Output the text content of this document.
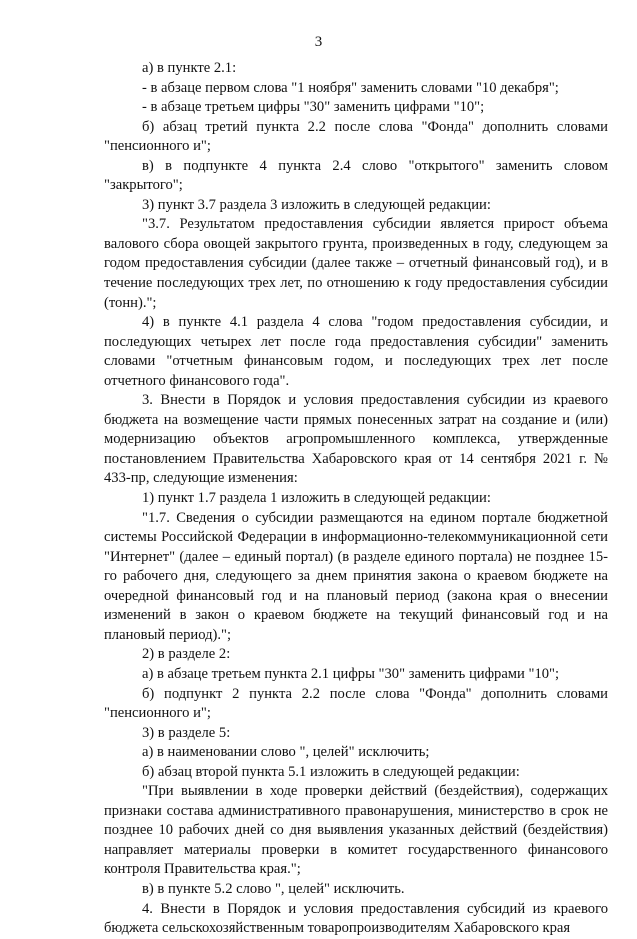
3

а) в пункте 2.1:

- в абзаце первом слова "1 ноября" заменить словами "10 декабря";

- в абзаце третьем цифры "30" заменить цифрами "10";

б) абзац третий пункта 2.2 после слова "Фонда" дополнить словами "пенсионного и";

в) в подпункте 4 пункта 2.4 слово "открытого" заменить словом "закрытого";

3) пункт 3.7 раздела 3 изложить в следующей редакции:

"3.7. Результатом предоставления субсидии является прирост объема валового сбора овощей закрытого грунта, произведенных в году, следующем за годом предоставления субсидии (далее также – отчетный финансовый год), и в течение последующих трех лет, по отношению к году предоставления субсидии (тонн).";

4) в пункте 4.1 раздела 4 слова "годом предоставления субсидии, и последующих четырех лет после года предоставления субсидии" заменить словами "отчетным финансовым годом, и последующих трех лет после отчетного финансового года".

3. Внести в Порядок и условия предоставления субсидии из краевого бюджета на возмещение части прямых понесенных затрат на создание и (или) модернизацию объектов агропромышленного комплекса, утвержденные постановлением Правительства Хабаровского края от 14 сентября 2021 г. № 433-пр, следующие изменения:

1) пункт 1.7 раздела 1 изложить в следующей редакции:

"1.7. Сведения о субсидии размещаются на едином портале бюджетной системы Российской Федерации в информационно-телекоммуникационной сети "Интернет" (далее – единый портал) (в разделе единого портала) не позднее 15-го рабочего дня, следующего за днем принятия закона о краевом бюджете на очередной финансовый год и на плановый период (закона края о внесении изменений в закон о краевом бюджете на текущий финансовый год и на плановый период).";

2) в разделе 2:

а) в абзаце третьем пункта 2.1 цифры "30" заменить цифрами "10";

б) подпункт 2 пункта 2.2 после слова "Фонда" дополнить словами "пенсионного и";

3) в разделе 5:

а) в наименовании слово ", целей" исключить;

б) абзац второй пункта 5.1 изложить в следующей редакции:

"При выявлении в ходе проверки действий (бездействия), содержащих признаки состава административного правонарушения, министерство в срок не позднее 10 рабочих дней со дня выявления указанных действий (бездействия) направляет материалы проверки в комитет государственного финансового контроля Правительства края.";

в) в пункте 5.2 слово ", целей" исключить.

4. Внести в Порядок и условия предоставления субсидий из краевого бюджета сельскохозяйственным товаропроизводителям Хабаровского края
